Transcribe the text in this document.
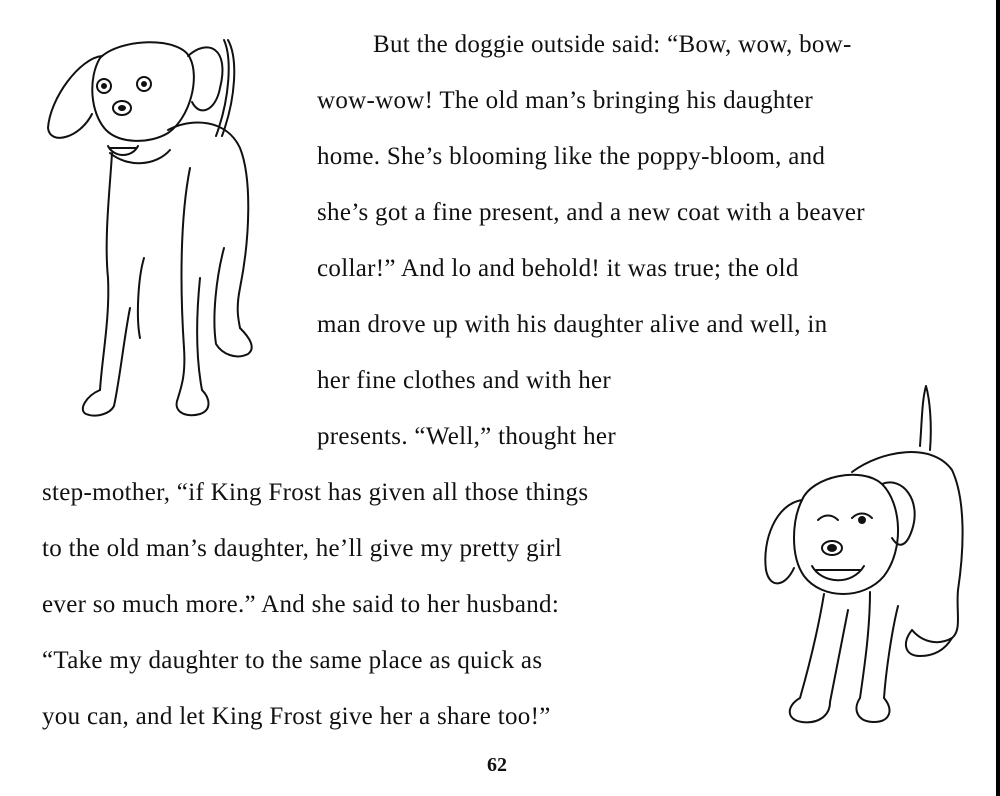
But the doggie outside said: “Bow, wow, bow-

wow-wow! The old man’s bringing his daughter

home. She’s blooming like the poppy-bloom, and

she’s got a fine present, and a new coat with a beaver

collar!” And lo and behold! it was true; the old

man drove up with his daughter alive and well, in

her fine clothes and with her

presents. “Well,” thought her

step-mother, “if King Frost has given all those things

to the old man’s daughter, he’ll give my pretty girl

ever so much more.” And she said to her husband:

“Take my daughter to the same place as quick as

you can, and let King Frost give her a share too!”

62
